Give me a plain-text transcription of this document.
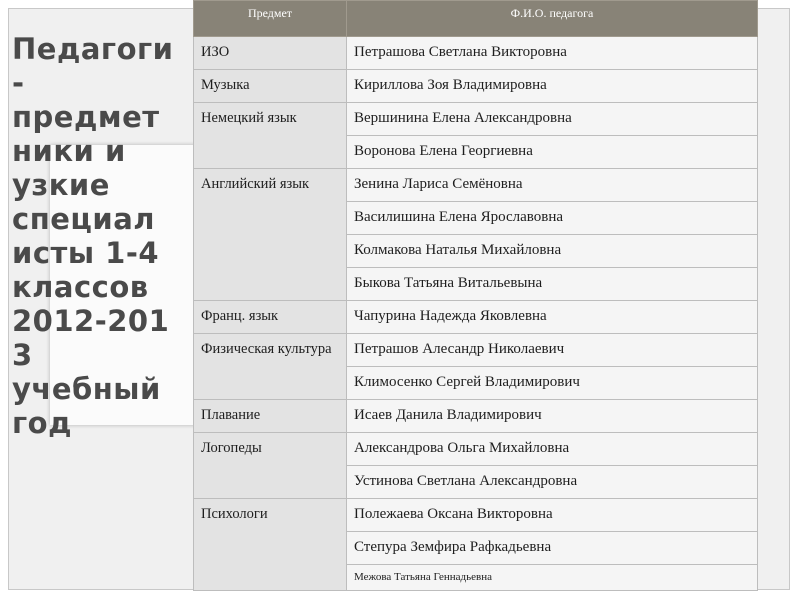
Педагоги -
предмет
ники и
узкие
специал
исты 1-4
классов
2012-201
3
учебный
год
Предмет	Ф.И.О. педагога
ИЗО	Петрашова Светлана Викторовна
Музыка	Кириллова Зоя Владимировна
Немецкий язык	Вершинина Елена Александровна
	Воронова Елена Георгиевна
Английский язык	Зенина Лариса Семёновна
	Василишина Елена Ярославовна
	Колмакова Наталья Михайловна
	Быкова Татьяна Витальевына
Франц. язык	Чапурина Надежда Яковлевна
Физическая культура	Петрашов Алесандр Николаевич
	Климосенко Сергей Владимирович
Плавание	Исаев Данила Владимирович
Логопеды	Александрова Ольга Михайловна
	Устинова Светлана Александровна
Психологи	Полежаева Оксана Викторовна
	Степура Земфира Рафкадьевна
	Межова Татьяна Геннадьевна
